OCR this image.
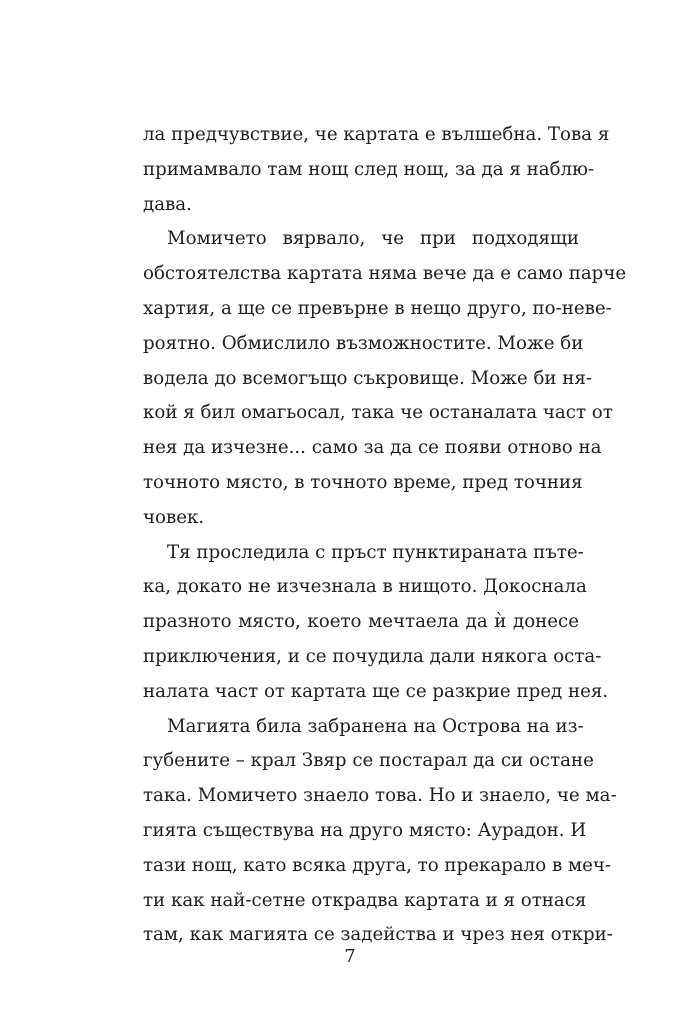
ла предчувствие, че картата е вълшебна. Това я
примамвало там нощ след нощ, за да я наблю-
дава.

Момичето вярвало, че при подходящи
обстоятелства картата няма вече да е само парче
хартия, а ще се превърне в нещо друго, по-неве-
роятно. Обмислило възможностите. Може би
водела до всемогъщо съкровище. Може би ня-
кой я бил омагьосал, така че останалата част от
нея да изчезне... само за да се появи отново на
точното място, в точното време, пред точния
човек.

Тя проследила с пръст пунктираната пъте-
ка, докато не изчезнала в нищото. Докоснала
празното място, което мечтаела да ѝ донесе
приключения, и се почудила дали някога оста-
налата част от картата ще се разкрие пред нея.

Магията била забранена на Острова на из-
губените – крал Звяр се постарал да си остане
така. Момичето знаело това. Но и знаело, че ма-
гията съществува на друго място: Аурадон. И
тази нощ, като всяка друга, то прекарало в меч-
ти как най-сетне открадва картата и я отнася
там, как магията се задейства и чрез нея откри-

7
